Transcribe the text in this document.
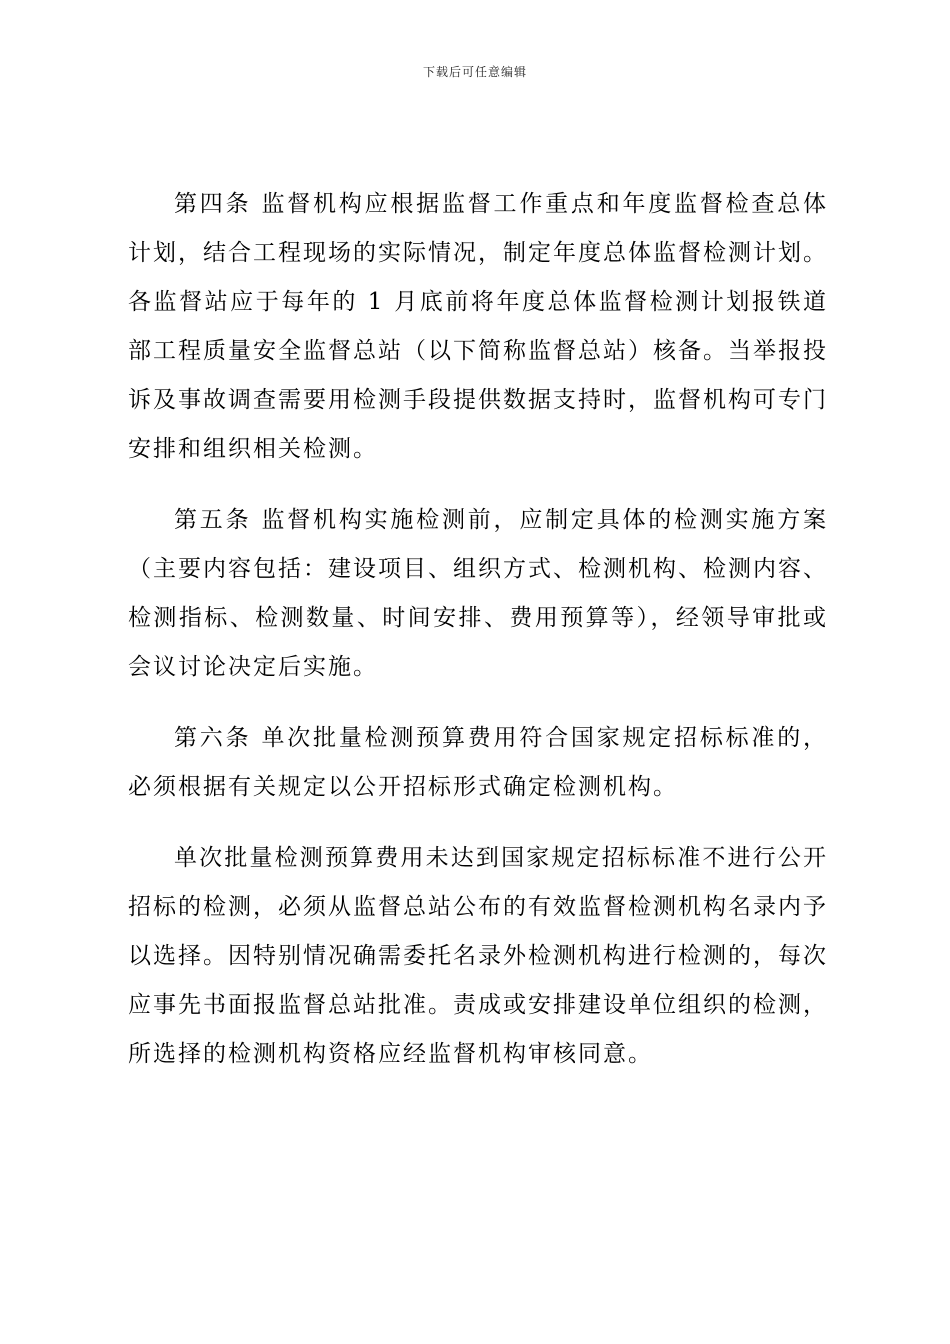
下载后可任意编辑

第四条 监督机构应根据监督工作重点和年度监督检查总体计划，结合工程现场的实际情况，制定年度总体监督检测计划。各监督站应于每年的 1 月底前将年度总体监督检测计划报铁道部工程质量安全监督总站（以下简称监督总站）核备。当举报投诉及事故调查需要用检测手段提供数据支持时，监督机构可专门安排和组织相关检测。

第五条 监督机构实施检测前，应制定具体的检测实施方案（主要内容包括：建设项目、组织方式、检测机构、检测内容、检测指标、检测数量、时间安排、费用预算等），经领导审批或会议讨论决定后实施。

第六条 单次批量检测预算费用符合国家规定招标标准的，必须根据有关规定以公开招标形式确定检测机构。

单次批量检测预算费用未达到国家规定招标标准不进行公开招标的检测，必须从监督总站公布的有效监督检测机构名录内予以选择。因特别情况确需委托名录外检测机构进行检测的，每次应事先书面报监督总站批准。责成或安排建设单位组织的检测，所选择的检测机构资格应经监督机构审核同意。
